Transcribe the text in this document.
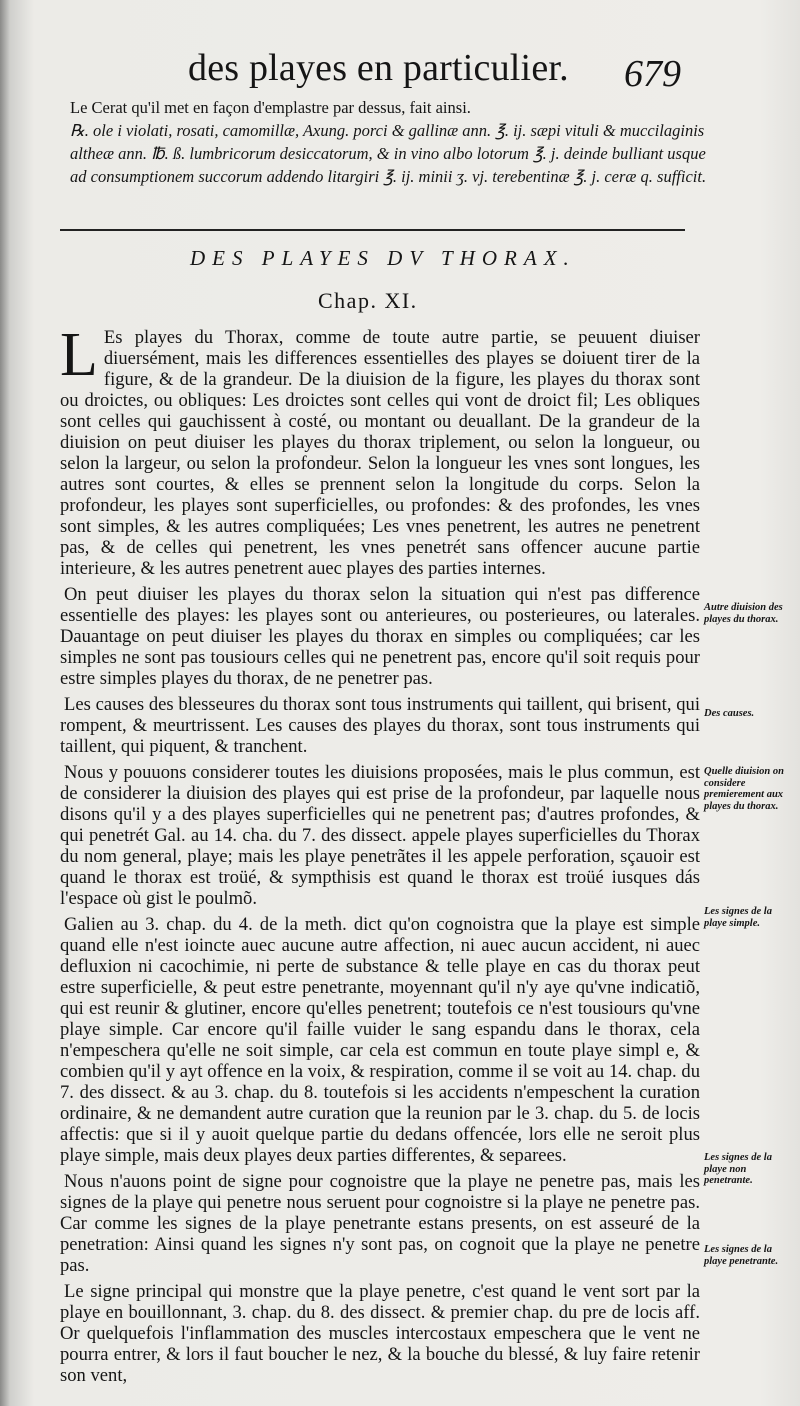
des playes en particulier. 679

Le Cerat qu'il met en façon d'emplastre par dessus, fait ainsi.

℞. ole i violati, rosati, camomillæ, Axung. porci & gallinæ ann. ℥. ij. sæpi vituli & muccilaginis altheæ ann. ℔. ß. lumbricorum desiccatorum, & in vino albo lotorum ℥. j. deinde bulliant usque ad consumptionem succorum addendo litargiri ℥. ij. minii ʒ. vj. terebentinæ ℥. j. ceræ q. sufficit.

DES PLAYES DV THORAX.
Chap. XI.

L Es playes du Thorax, comme de toute autre partie, se peuuent diuiser diuersément, mais les differences essentielles des playes se doiuent tirer de la figure, & de la grandeur. De la diuision de la figure, les playes du thorax sont ou droictes, ou obliques: Les droictes sont celles qui vont de droict fil; Les obliques sont celles qui gauchissent à costé, ou montant ou deuallant. De la grandeur de la diuision on peut diuiser les playes du thorax triplement, ou selon la longueur, ou selon la largeur, ou selon la profondeur. Selon la longueur les vnes sont longues, les autres sont courtes, & elles se prennent selon la longitude du corps. Selon la profondeur, les playes sont superficielles, ou profondes: & des profondes, les vnes sont simples, & les autres compliquées; Les vnes penetrent, les autres ne penetrent pas, & de celles qui penetrent, les vnes penetrét sans offencer aucune partie interieure, & les autres penetrent auec playes des parties internes.

On peut diuiser les playes du thorax selon la situation qui n'est pas difference essentielle des playes: les playes sont ou anterieures, ou posterieures, ou laterales. Dauantage on peut diuiser les playes du thorax en simples ou compliquées; car les simples ne sont pas tousiours celles qui ne penetrent pas, encore qu'il soit requis pour estre simples playes du thorax, de ne penetrer pas.

Les causes des blesseures du thorax sont tous instruments qui taillent, qui brisent, qui rompent, & meurtrissent. Les causes des playes du thorax, sont tous instruments qui taillent, qui piquent, & tranchent.

Nous y pouuons considerer toutes les diuisions proposées, mais le plus commun, est de considerer la diuision des playes qui est prise de la profondeur, par laquelle nous disons qu'il y a des playes superficielles qui ne penetrent pas; d'autres profondes, & qui penetrét Gal. au 14. cha. du 7. des dissect. appele playes superficielles du Thorax du nom general, playe; mais les playe penetrãtes il les appele perforation, sçauoir est quand le thorax est troüé, & sympthisis est quand le thorax est troüé iusques dás l'espace où gist le poulmõ.

Galien au 3. chap. du 4. de la meth. dict qu'on cognoistra que la playe est simple quand elle n'est ioincte auec aucune autre affection, ni auec aucun accident, ni auec defluxion ni cacochimie, ni perte de substance & telle playe en cas du thorax peut estre superficielle, & peut estre penetrante, moyennant qu'il n'y aye qu'vne indicatiõ, qui est reunir & glutiner, encore qu'elles penetrent; toutefois ce n'est tousiours qu'vne playe simple. Car encore qu'il faille vuider le sang espandu dans le thorax, cela n'empeschera qu'elle ne soit simple, car cela est commun en toute playe simpl e, & combien qu'il y ayt offence en la voix, & respiration, comme il se voit au 14. chap. du 7. des dissect. & au 3. chap. du 8. toutefois si les accidents n'empeschent la curation ordinaire, & ne demandent autre curation que la reunion par le 3. chap. du 5. de locis affectis: que si il y auoit quelque partie du dedans offencée, lors elle ne seroit plus playe simple, mais deux playes deux parties differentes, & separees.

Nous n'auons point de signe pour cognoistre que la playe ne penetre pas, mais les signes de la playe qui penetre nous seruent pour cognoistre si la playe ne penetre pas. Car comme les signes de la playe penetrante estans presents, on est asseuré de la penetration: Ainsi quand les signes n'y sont pas, on cognoit que la playe ne penetre pas.

Le signe principal qui monstre que la playe penetre, c'est quand le vent sort par la playe en bouillonnant, 3. chap. du 8. des dissect. & premier chap. du pre de locis aff. Or quelquefois l'inflammation des muscles intercostaux empeschera que le vent ne pourra entrer, & lors il faut boucher le nez, & la bouche du blessé, & luy faire retenir son vent,

Autre diuision des playes du thorax.
Des causes.
Quelle diuision on considere premierement aux playes du thorax.
Les signes de la playe simple.
Les signes de la playe non penetrante.
Les signes de la playe penetrante.
